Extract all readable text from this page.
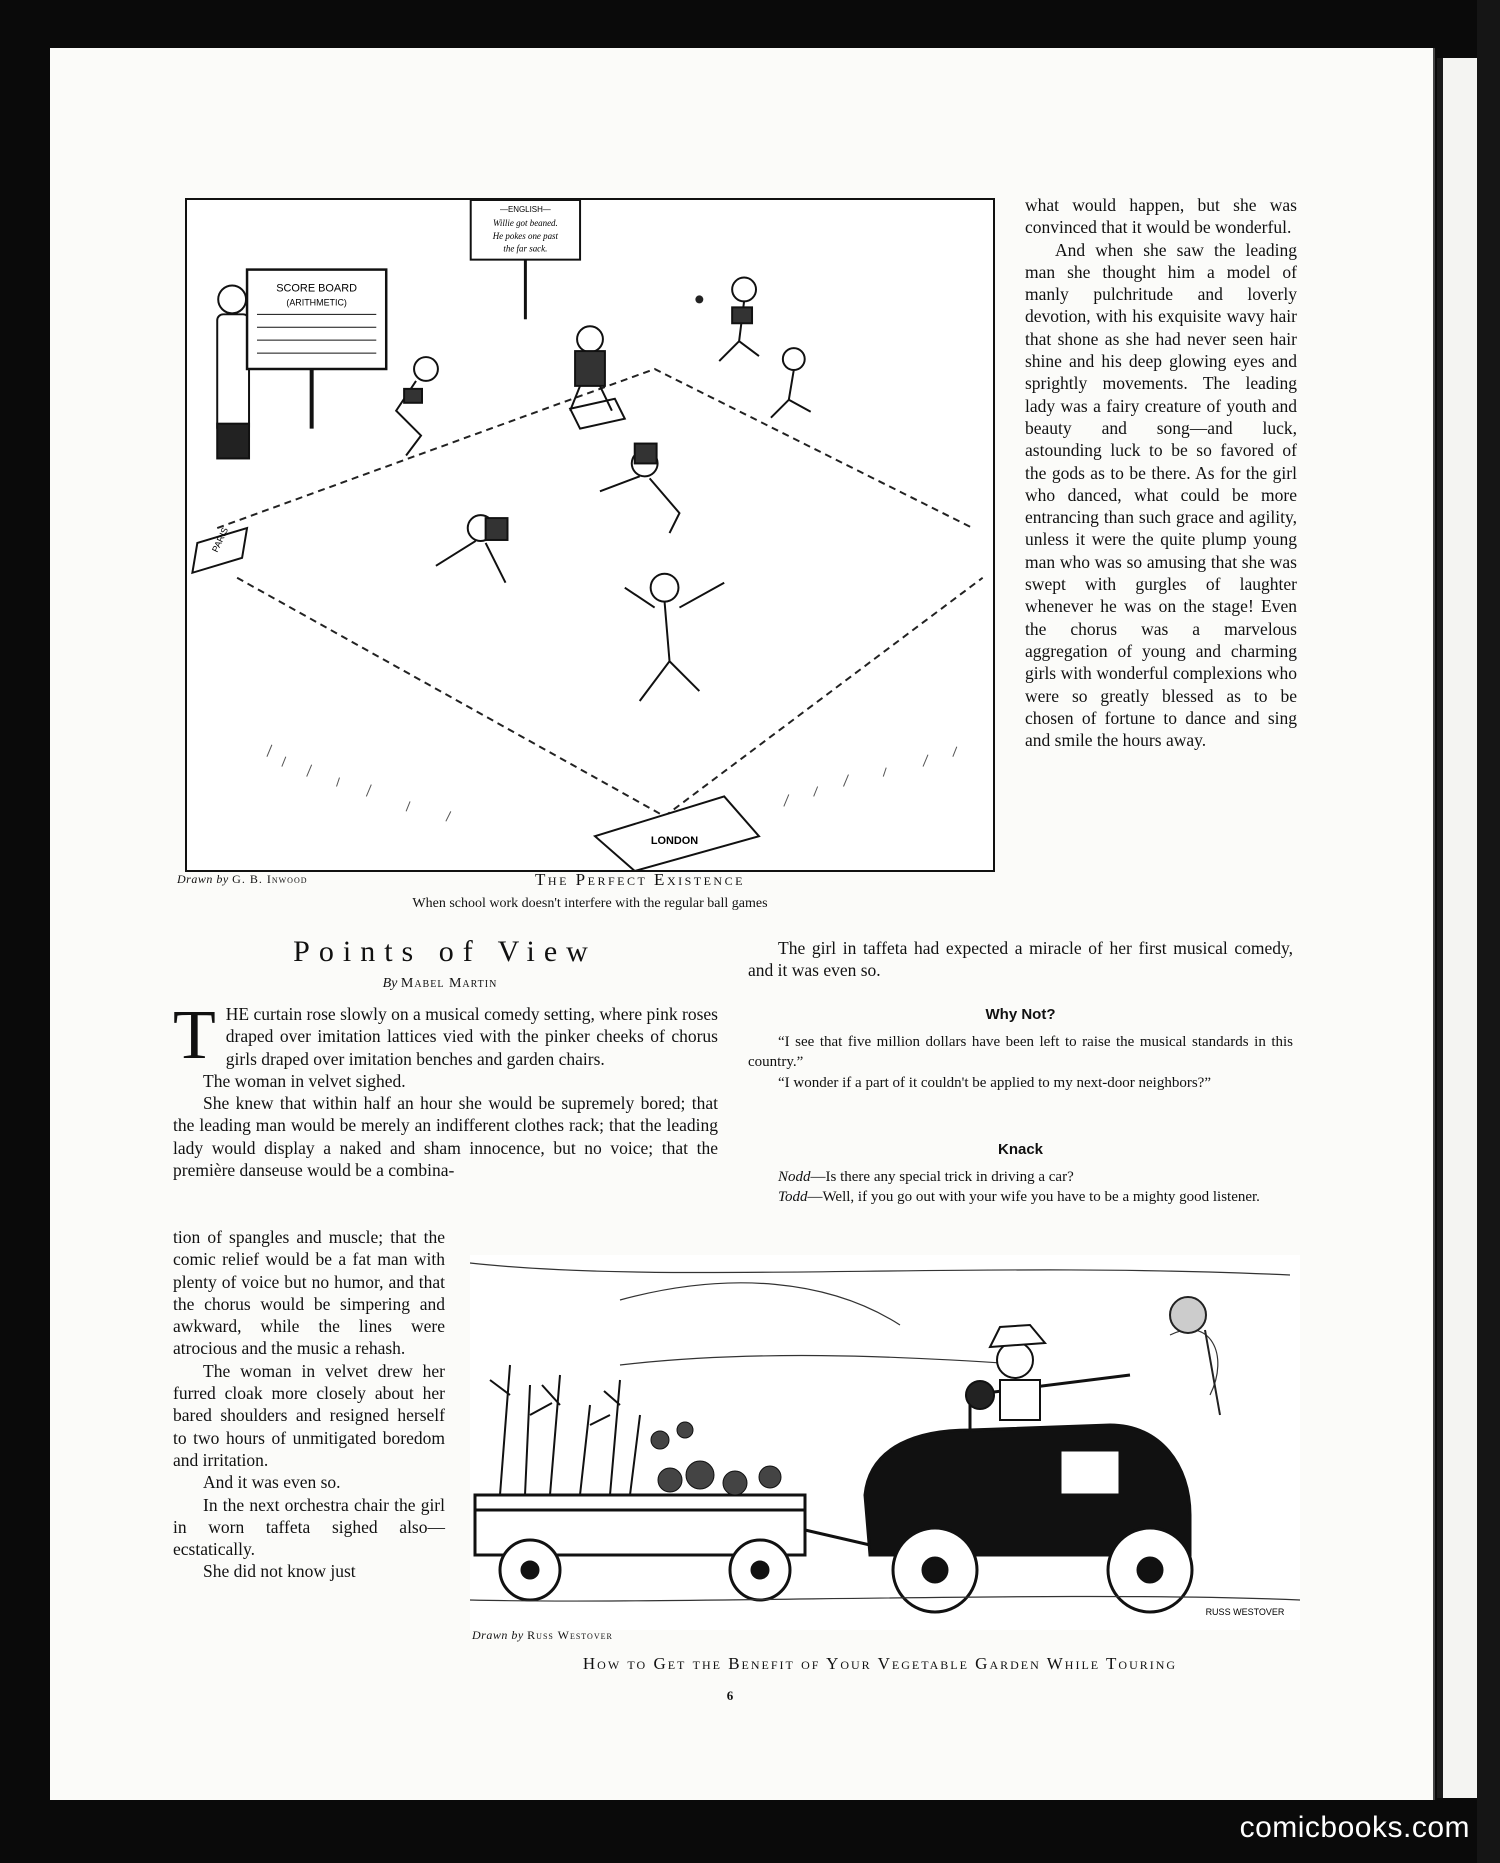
SCORE BOARD
(ARITHMETIC)
—ENGLISH—
Willie got beaned.
He pokes one past
the far sack.
PARIS
LONDON
Drawn by G. B. Inwood	The Perfect Existence
When school work doesn't interfere with the regular ball games

what would happen, but she was convinced that it would be wonderful.

And when she saw the leading man she thought him a model of manly pulchritude and loverly devotion, with his exquisite wavy hair that shone as she had never seen hair shine and his deep glowing eyes and sprightly movements. The leading lady was a fairy creature of youth and beauty and song—and luck, astounding luck to be so favored of the gods as to be there. As for the girl who danced, what could be more entrancing than such grace and agility, unless it were the quite plump young man who was so amusing that she was swept with gurgles of laughter whenever he was on the stage! Even the chorus was a marvelous aggregation of young and charming girls with wonderful complexions who were so greatly blessed as to be chosen of fortune to dance and sing and smile the hours away.

Points of View
By Mabel Martin

THE curtain rose slowly on a musical comedy setting, where pink roses draped over imitation lattices vied with the pinker cheeks of chorus girls draped over imitation benches and garden chairs.

The woman in velvet sighed.

She knew that within half an hour she would be supremely bored; that the leading man would be merely an indifferent clothes rack; that the leading lady would display a naked and sham innocence, but no voice; that the première danseuse would be a combina-

tion of spangles and muscle; that the comic relief would be a fat man with plenty of voice but no humor, and that the chorus would be simpering and awkward, while the lines were atrocious and the music a rehash.

The woman in velvet drew her furred cloak more closely about her bared shoulders and resigned herself to two hours of unmitigated boredom and irritation.

And it was even so.

In the next orchestra chair the girl in worn taffeta sighed also—ecstatically.

She did not know just

The girl in taffeta had expected a miracle of her first musical comedy, and it was even so.

Why Not?

“I see that five million dollars have been left to raise the musical standards in this country.”

“I wonder if a part of it couldn't be applied to my next-door neighbors?”

Knack

Nodd—Is there any special trick in driving a car?

Todd—Well, if you go out with your wife you have to be a mighty good listener.

RUSS WESTOVER
Drawn by Russ Westover
How to Get the Benefit of Your Vegetable Garden While Touring
6
comicbooks.com
